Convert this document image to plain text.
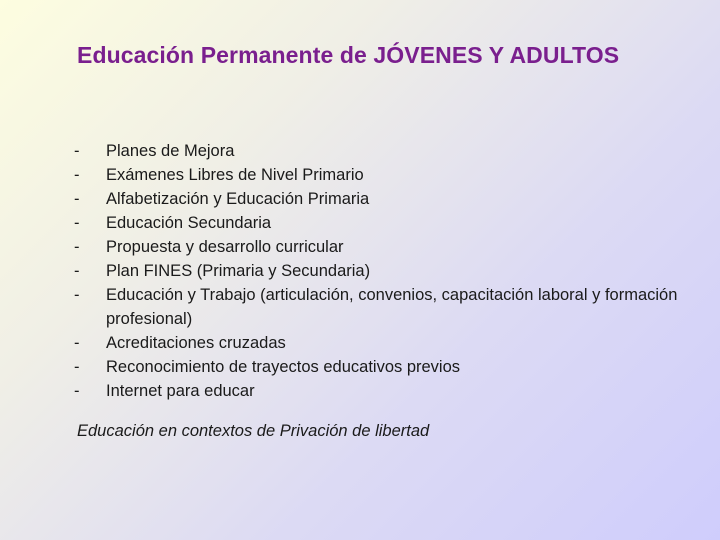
Educación Permanente de JÓVENES Y ADULTOS
- Planes de Mejora
- Exámenes Libres de Nivel Primario
- Alfabetización y Educación Primaria
- Educación Secundaria
- Propuesta y desarrollo curricular
- Plan FINES (Primaria y Secundaria)
- Educación y Trabajo (articulación, convenios, capacitación laboral y formación profesional)
- Acreditaciones cruzadas
- Reconocimiento de trayectos educativos previos
- Internet para educar
Educación en contextos de Privación de libertad
